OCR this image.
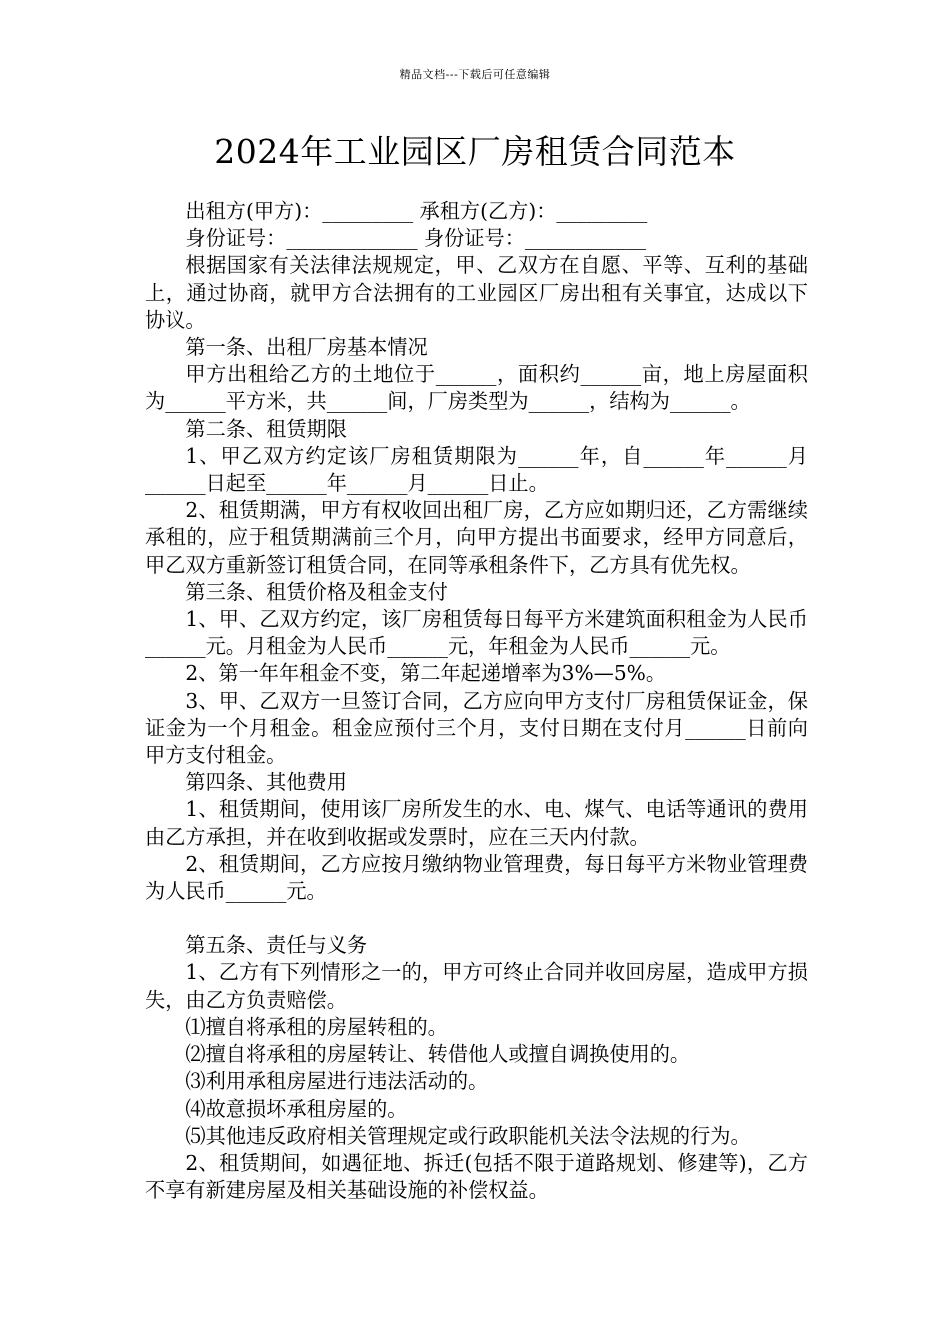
精品文档---下载后可任意编辑
2024年工业园区厂房租赁合同范本

出租方(甲方)：_________ 承租方(乙方)：_________

身份证号：_____________ 身份证号：____________

根据国家有关法律法规规定，甲、乙双方在自愿、平等、互利的基础上，通过协商，就甲方合法拥有的工业园区厂房出租有关事宜，达成以下协议。

第一条、出租厂房基本情况

甲方出租给乙方的土地位于______，面积约______亩，地上房屋面积为______平方米，共______间，厂房类型为______，结构为______。

第二条、租赁期限

1、甲乙双方约定该厂房租赁期限为______年，自______年______月______日起至______年______月______日止。

2、租赁期满，甲方有权收回出租厂房，乙方应如期归还，乙方需继续承租的，应于租赁期满前三个月，向甲方提出书面要求，经甲方同意后，甲乙双方重新签订租赁合同，在同等承租条件下，乙方具有优先权。

第三条、租赁价格及租金支付

1、甲、乙双方约定，该厂房租赁每日每平方米建筑面积租金为人民币______元。月租金为人民币______元，年租金为人民币______元。

2、第一年年租金不变，第二年起递增率为3%—5%。

3、甲、乙双方一旦签订合同，乙方应向甲方支付厂房租赁保证金，保证金为一个月租金。租金应预付三个月，支付日期在支付月______日前向甲方支付租金。

第四条、其他费用

1、租赁期间，使用该厂房所发生的水、电、煤气、电话等通讯的费用由乙方承担，并在收到收据或发票时，应在三天内付款。

2、租赁期间，乙方应按月缴纳物业管理费，每日每平方米物业管理费为人民币______元。

第五条、责任与义务

1、乙方有下列情形之一的，甲方可终止合同并收回房屋，造成甲方损失，由乙方负责赔偿。

⑴擅自将承租的房屋转租的。

⑵擅自将承租的房屋转让、转借他人或擅自调换使用的。

⑶利用承租房屋进行违法活动的。

⑷故意损坏承租房屋的。

⑸其他违反政府相关管理规定或行政职能机关法令法规的行为。

2、租赁期间，如遇征地、拆迁(包括不限于道路规划、修建等)，乙方不享有新建房屋及相关基础设施的补偿权益。
